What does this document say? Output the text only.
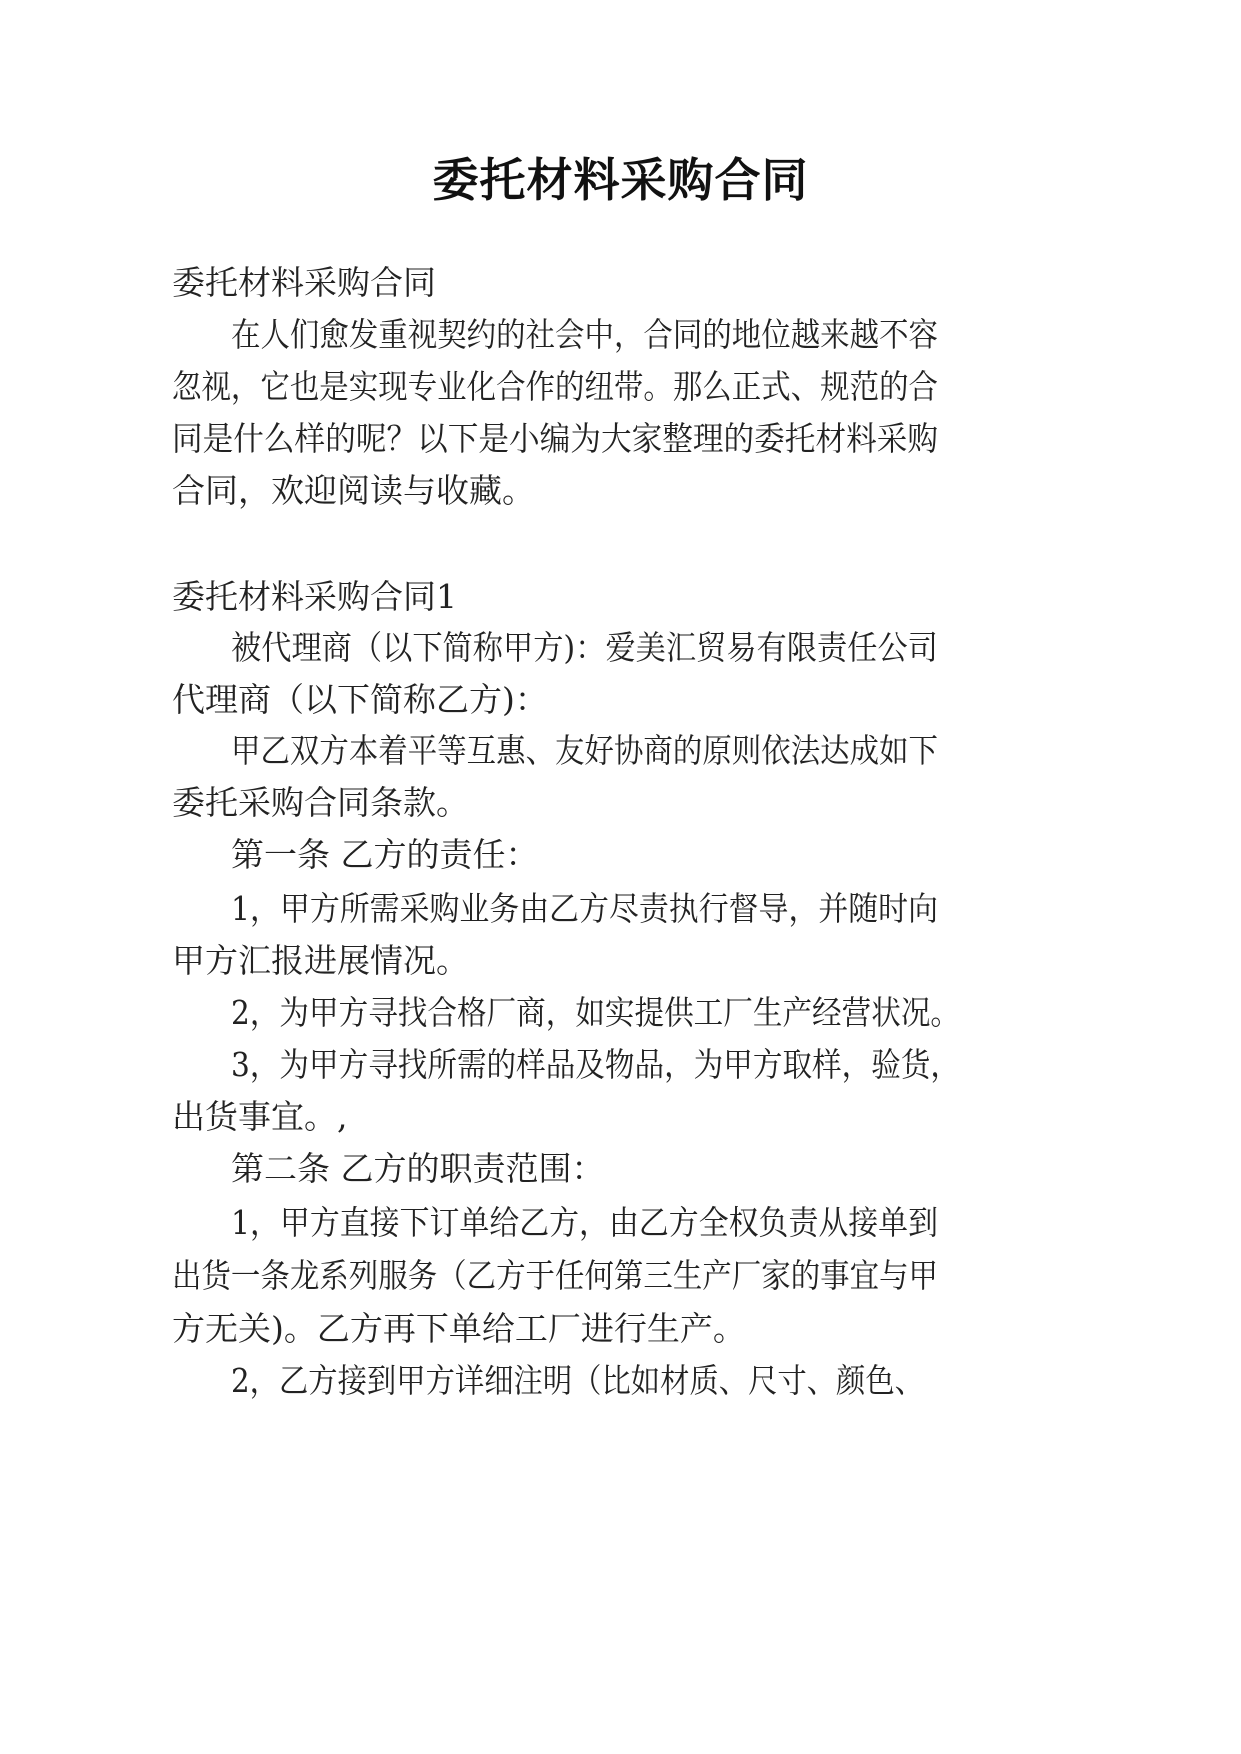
委托材料采购合同
委托材料采购合同
在人们愈发重视契约的社会中，合同的地位越来越不容
忽视，它也是实现专业化合作的纽带。那么正式、规范的合
同是什么样的呢？以下是小编为大家整理的委托材料采购
合同，欢迎阅读与收藏。
委托材料采购合同1
被代理商（以下简称甲方)：爱美汇贸易有限责任公司
代理商（以下简称乙方)：
甲乙双方本着平等互惠、友好协商的原则依法达成如下
委托采购合同条款。
第一条 乙方的责任：
1，甲方所需采购业务由乙方尽责执行督导，并随时向
甲方汇报进展情况。
2，为甲方寻找合格厂商，如实提供工厂生产经营状况。
3，为甲方寻找所需的样品及物品，为甲方取样，验货，
出货事宜。,
第二条 乙方的职责范围：
1，甲方直接下订单给乙方，由乙方全权负责从接单到
出货一条龙系列服务（乙方于任何第三生产厂家的事宜与甲
方无关)。乙方再下单给工厂进行生产。
2，乙方接到甲方详细注明（比如材质、尺寸、颜色、
